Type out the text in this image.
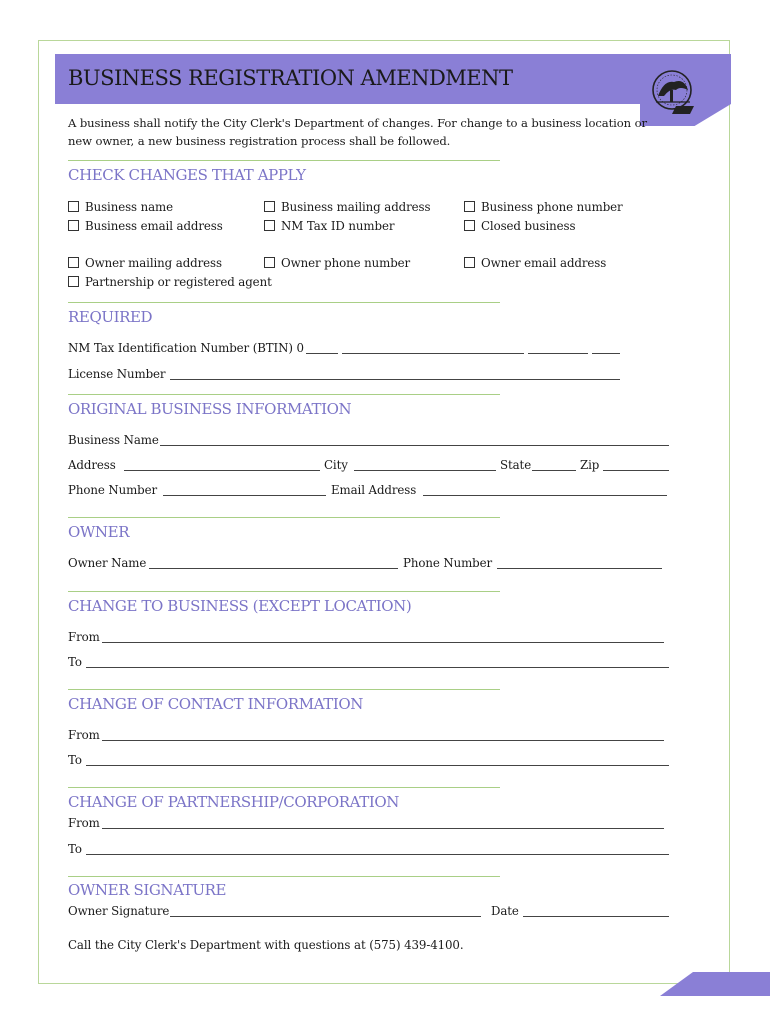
BUSINESS REGISTRATION AMENDMENT
A business shall notify the City Clerk's Department of changes. For change to a business location or new owner, a new business registration process shall be followed.
CHECK CHANGES THAT APPLY
Business name
Business email address
Business mailing address
NM Tax ID number
Business phone number
Closed business
Owner mailing address	Owner phone number	Owner email address
Partnership or registered agent
REQUIRED
NM Tax Identification Number (BTIN) 0
License Number
ORIGINAL BUSINESS INFORMATION
Business Name
Address	City	State	Zip
Phone Number	Email Address
OWNER
Owner Name	Phone Number
CHANGE TO BUSINESS (EXCEPT LOCATION)
From
To
CHANGE OF CONTACT INFORMATION
From
To
CHANGE OF PARTNERSHIP/CORPORATION
From
To
OWNER SIGNATURE
Owner Signature	Date
Call the City Clerk's Department with questions at (575) 439-4100.
